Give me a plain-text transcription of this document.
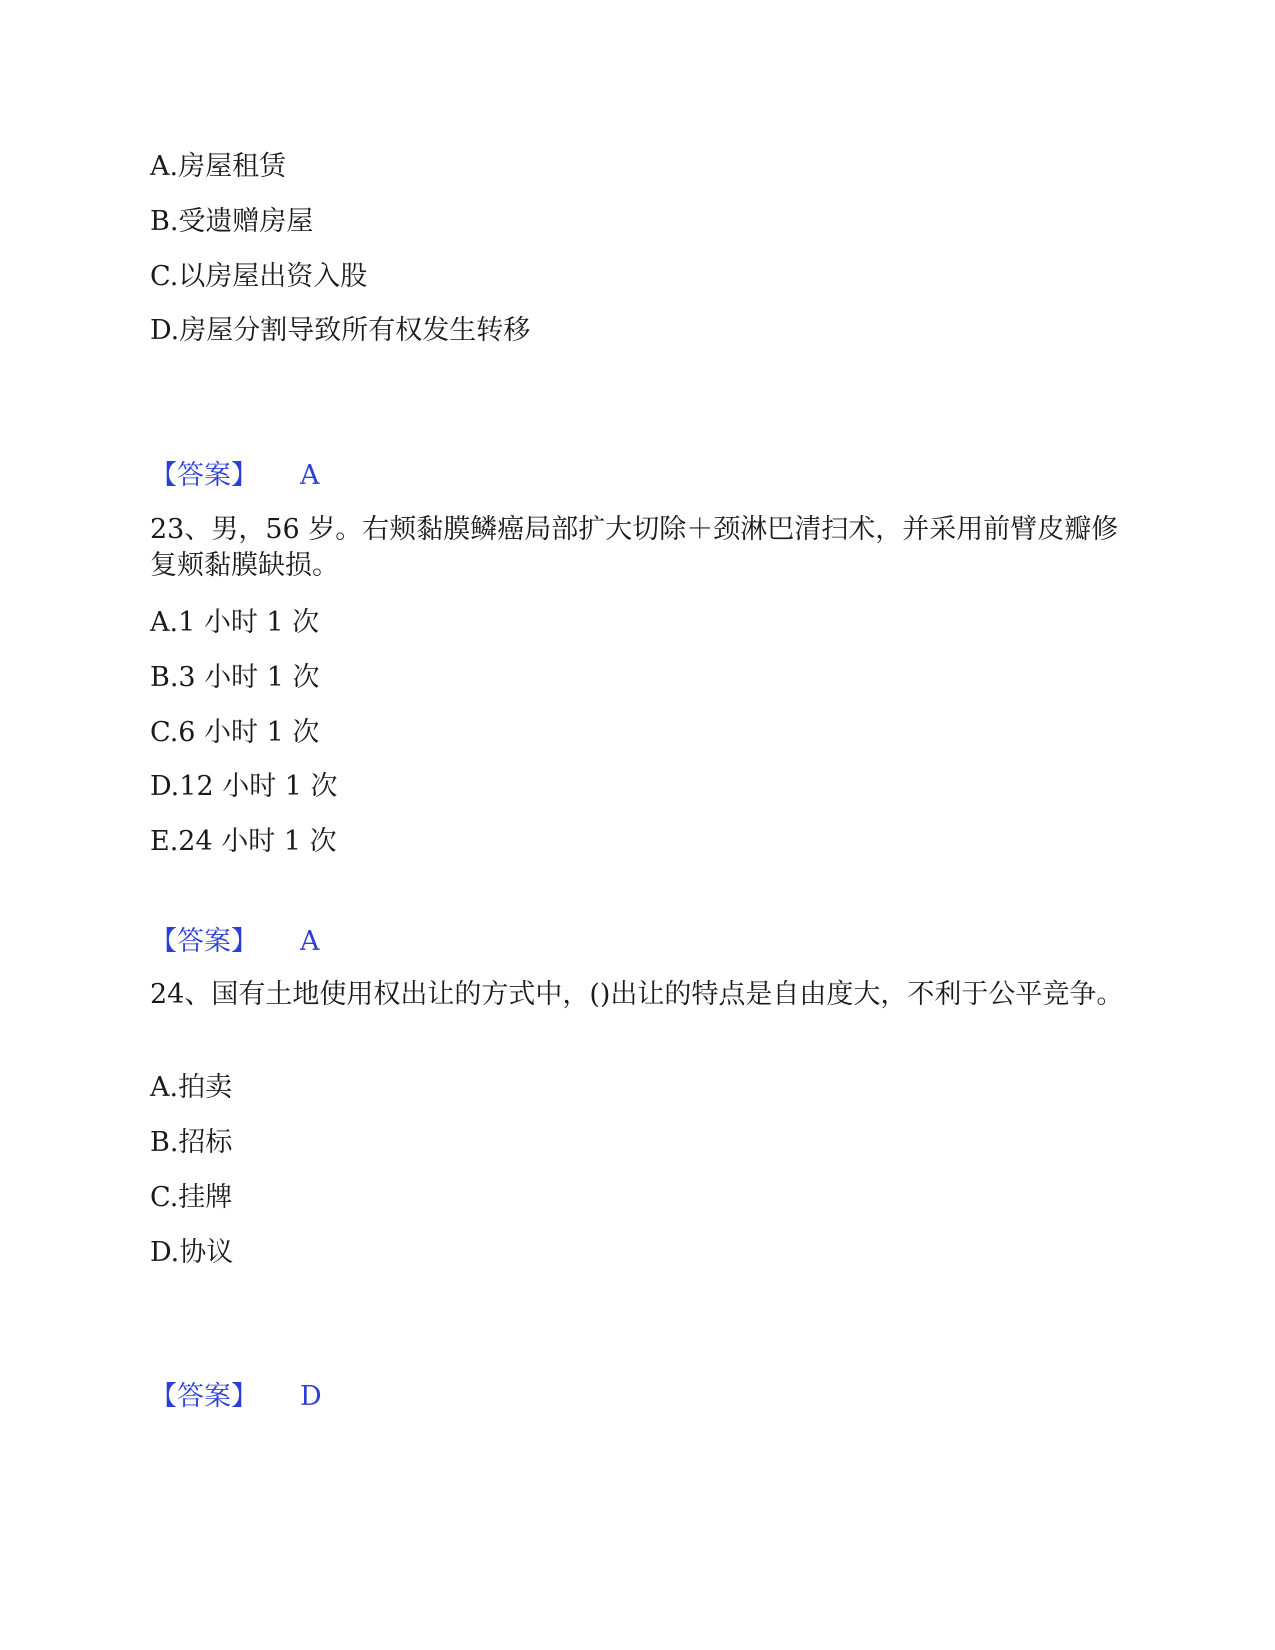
A.房屋租赁
B.受遗赠房屋
C.以房屋出资入股
D.房屋分割导致所有权发生转移
【答案】 A
23、男，56 岁。右颊黏膜鳞癌局部扩大切除＋颈淋巴清扫术，并采用前臂皮瓣修复颊黏膜缺损。
A.1 小时 1 次
B.3 小时 1 次
C.6 小时 1 次
D.12 小时 1 次
E.24 小时 1 次
【答案】 A
24、国有土地使用权出让的方式中，()出让的特点是自由度大，不利于公平竞争。
A.拍卖
B.招标
C.挂牌
D.协议
【答案】 D
